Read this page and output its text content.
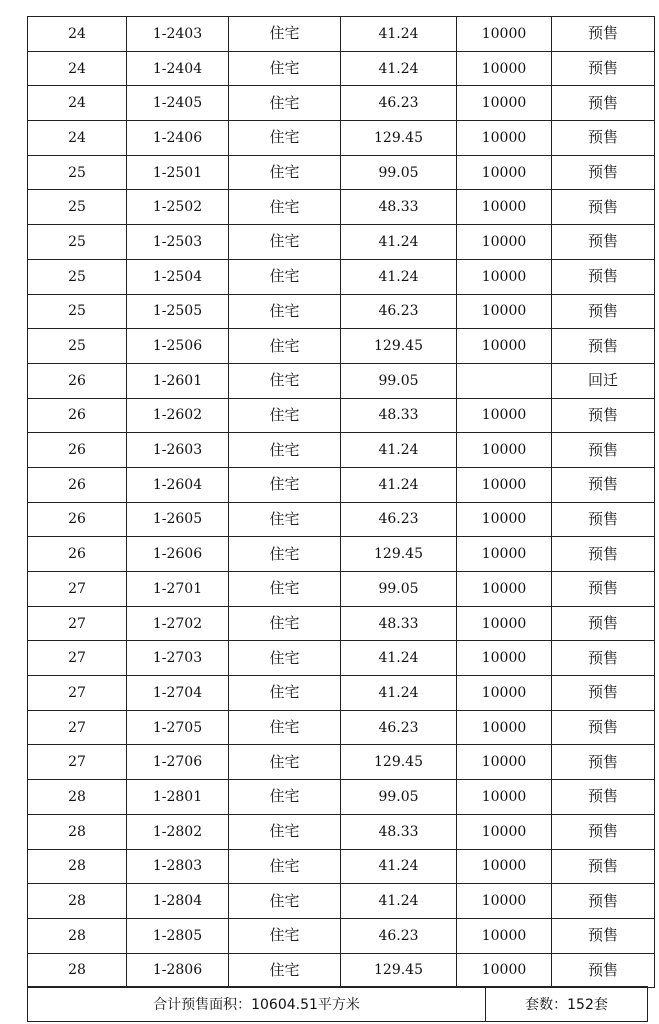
24	1-2403	住宅	41.24	10000	预售
24	1-2404	住宅	41.24	10000	预售
24	1-2405	住宅	46.23	10000	预售
24	1-2406	住宅	129.45	10000	预售
25	1-2501	住宅	99.05	10000	预售
25	1-2502	住宅	48.33	10000	预售
25	1-2503	住宅	41.24	10000	预售
25	1-2504	住宅	41.24	10000	预售
25	1-2505	住宅	46.23	10000	预售
25	1-2506	住宅	129.45	10000	预售
26	1-2601	住宅	99.05		回迁
26	1-2602	住宅	48.33	10000	预售
26	1-2603	住宅	41.24	10000	预售
26	1-2604	住宅	41.24	10000	预售
26	1-2605	住宅	46.23	10000	预售
26	1-2606	住宅	129.45	10000	预售
27	1-2701	住宅	99.05	10000	预售
27	1-2702	住宅	48.33	10000	预售
27	1-2703	住宅	41.24	10000	预售
27	1-2704	住宅	41.24	10000	预售
27	1-2705	住宅	46.23	10000	预售
27	1-2706	住宅	129.45	10000	预售
28	1-2801	住宅	99.05	10000	预售
28	1-2802	住宅	48.33	10000	预售
28	1-2803	住宅	41.24	10000	预售
28	1-2804	住宅	41.24	10000	预售
28	1-2805	住宅	46.23	10000	预售
28	1-2806	住宅	129.45	10000	预售
合计预售面积：10604.51平方米	套数：152套
